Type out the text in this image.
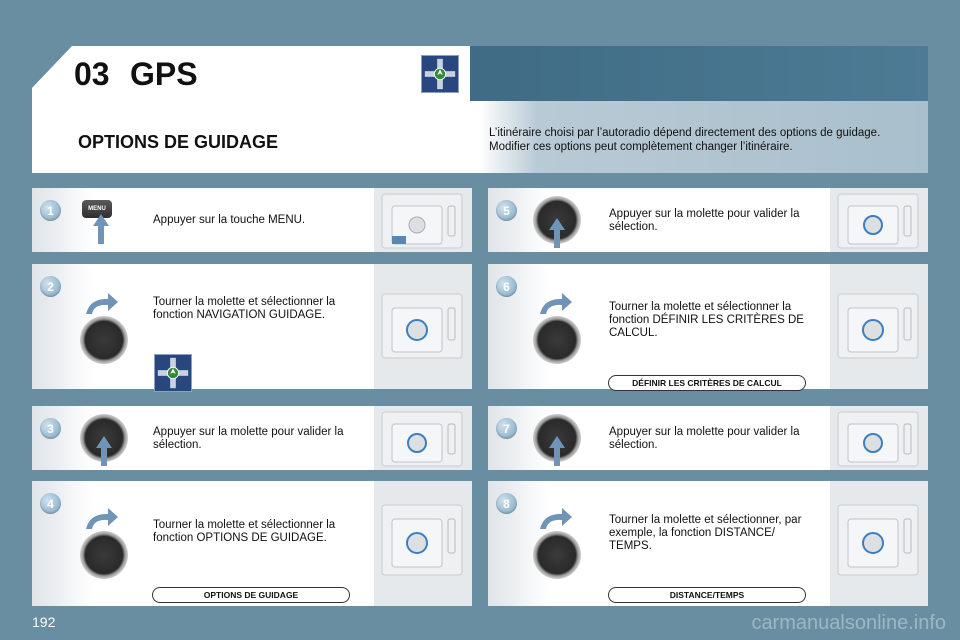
03 GPS
OPTIONS DE GUIDAGE	L’itinéraire choisi par l’autoradio dépend directement des options de guidage.
Modifier ces options peut complètement changer l’itinéraire.
1	MENU
Appuyer sur la touche MENU.
2
Tourner la molette et sélectionner la fonction NAVIGATION GUIDAGE.
3	Appuyer sur la molette pour valider la sélection.
4
Tourner la molette et sélectionner la fonction OPTIONS DE GUIDAGE.
OPTIONS DE GUIDAGE
5	Appuyer sur la molette pour valider la sélection.
6
Tourner la molette et sélectionner la fonction DÉFINIR LES CRITÈRES DE CALCUL.
DÉFINIR LES CRITÈRES DE CALCUL
7	Appuyer sur la molette pour valider la sélection.
8
Tourner la molette et sélectionner, par exemple, la fonction DISTANCE/ TEMPS.
DISTANCE/TEMPS
192	carmanualsonline.info
